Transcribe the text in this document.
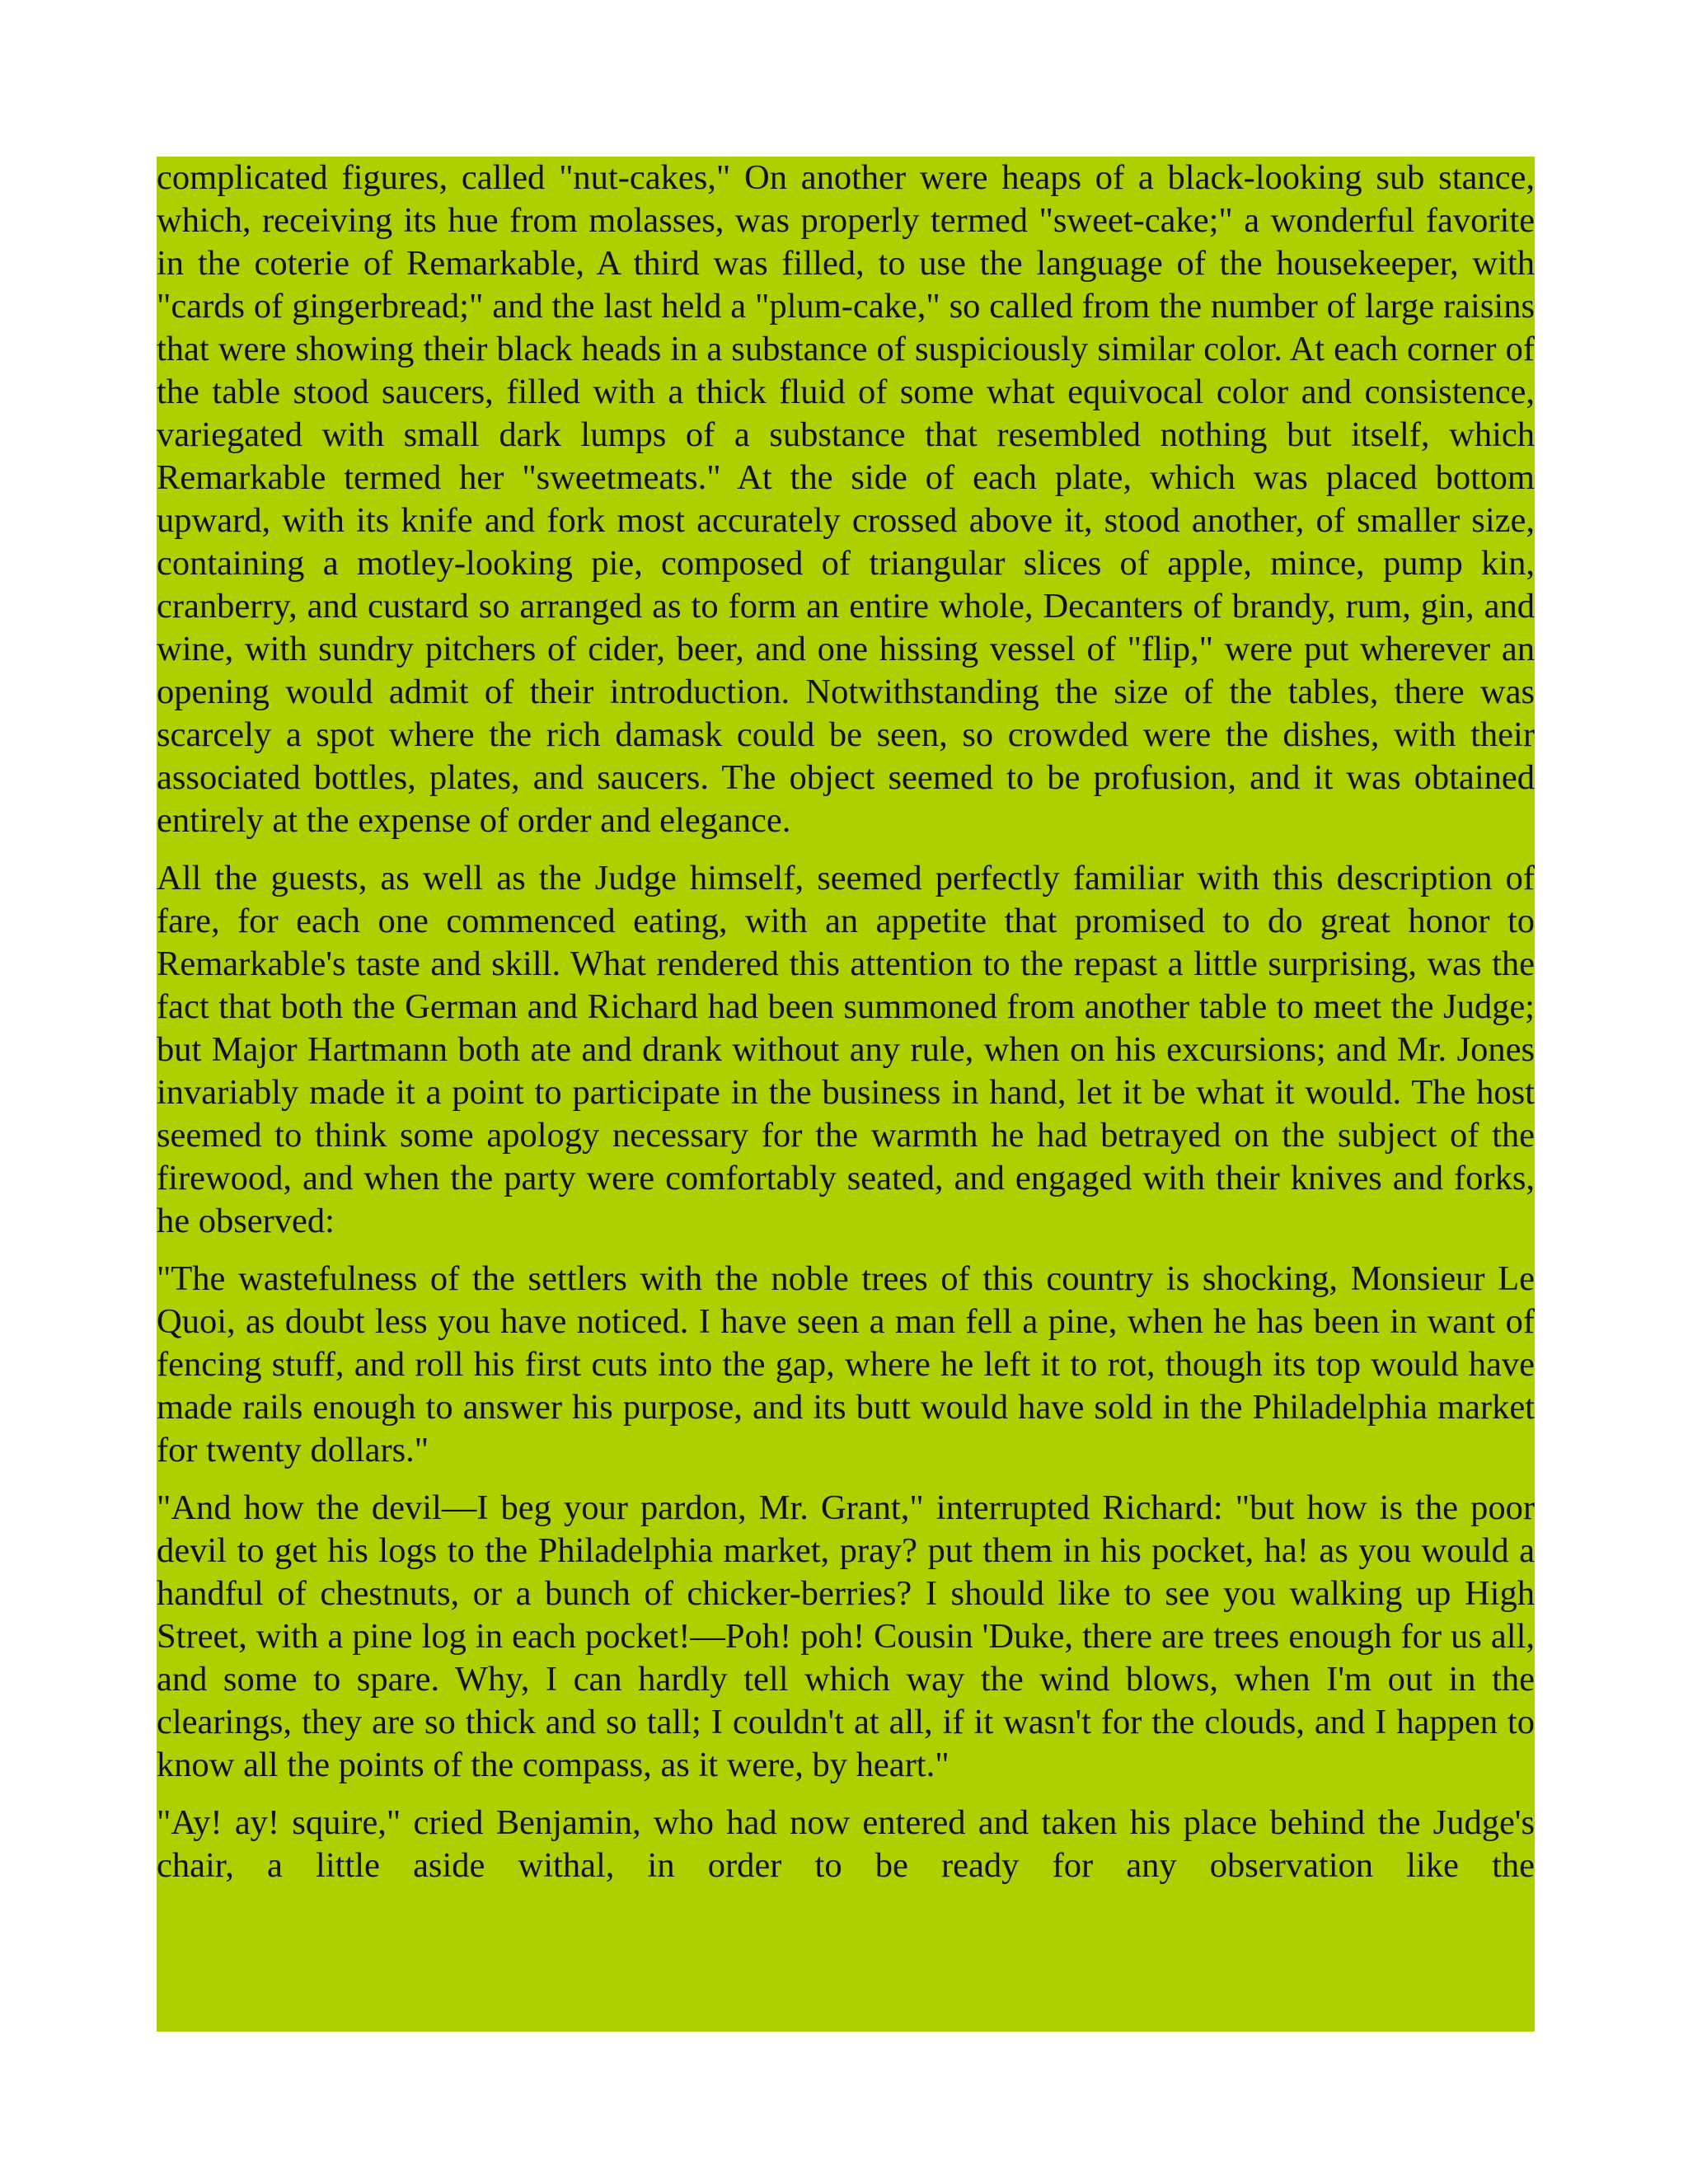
complicated figures, called "nut-cakes," On another were heaps of a black-looking sub stance, which, receiving its hue from molasses, was properly termed "sweet-cake;" a wonderful favorite in the coterie of Remarkable, A third was filled, to use the language of the housekeeper, with "cards of gingerbread;" and the last held a "plum-cake," so called from the number of large raisins that were showing their black heads in a substance of suspiciously similar color. At each corner of the table stood saucers, filled with a thick fluid of some what equivocal color and consistence, variegated with small dark lumps of a substance that resembled nothing but itself, which Remarkable termed her "sweetmeats." At the side of each plate, which was placed bottom upward, with its knife and fork most accurately crossed above it, stood another, of smaller size, containing a motley-looking pie, composed of triangular slices of apple, mince, pump kin, cranberry, and custard so arranged as to form an entire whole, Decanters of brandy, rum, gin, and wine, with sundry pitchers of cider, beer, and one hissing vessel of "flip," were put wherever an opening would admit of their introduction. Notwithstanding the size of the tables, there was scarcely a spot where the rich damask could be seen, so crowded were the dishes, with their associated bottles, plates, and saucers. The object seemed to be profusion, and it was obtained entirely at the expense of order and elegance.

All the guests, as well as the Judge himself, seemed perfectly familiar with this description of fare, for each one commenced eating, with an appetite that promised to do great honor to Remarkable's taste and skill. What rendered this attention to the repast a little surprising, was the fact that both the German and Richard had been summoned from another table to meet the Judge; but Major Hartmann both ate and drank without any rule, when on his excursions; and Mr. Jones invariably made it a point to participate in the business in hand, let it be what it would. The host seemed to think some apology necessary for the warmth he had betrayed on the subject of the firewood, and when the party were comfortably seated, and engaged with their knives and forks, he observed:

"The wastefulness of the settlers with the noble trees of this country is shocking, Monsieur Le Quoi, as doubt less you have noticed. I have seen a man fell a pine, when he has been in want of fencing stuff, and roll his first cuts into the gap, where he left it to rot, though its top would have made rails enough to answer his purpose, and its butt would have sold in the Philadelphia market for twenty dollars."

"And how the devil—I beg your pardon, Mr. Grant," interrupted Richard: "but how is the poor devil to get his logs to the Philadelphia market, pray? put them in his pocket, ha! as you would a handful of chestnuts, or a bunch of chicker-berries? I should like to see you walking up High Street, with a pine log in each pocket!—Poh! poh! Cousin 'Duke, there are trees enough for us all, and some to spare. Why, I can hardly tell which way the wind blows, when I'm out in the clearings, they are so thick and so tall; I couldn't at all, if it wasn't for the clouds, and I happen to know all the points of the compass, as it were, by heart."

"Ay! ay! squire," cried Benjamin, who had now entered and taken his place behind the Judge's chair, a little aside withal, in order to be ready for any observation like the
